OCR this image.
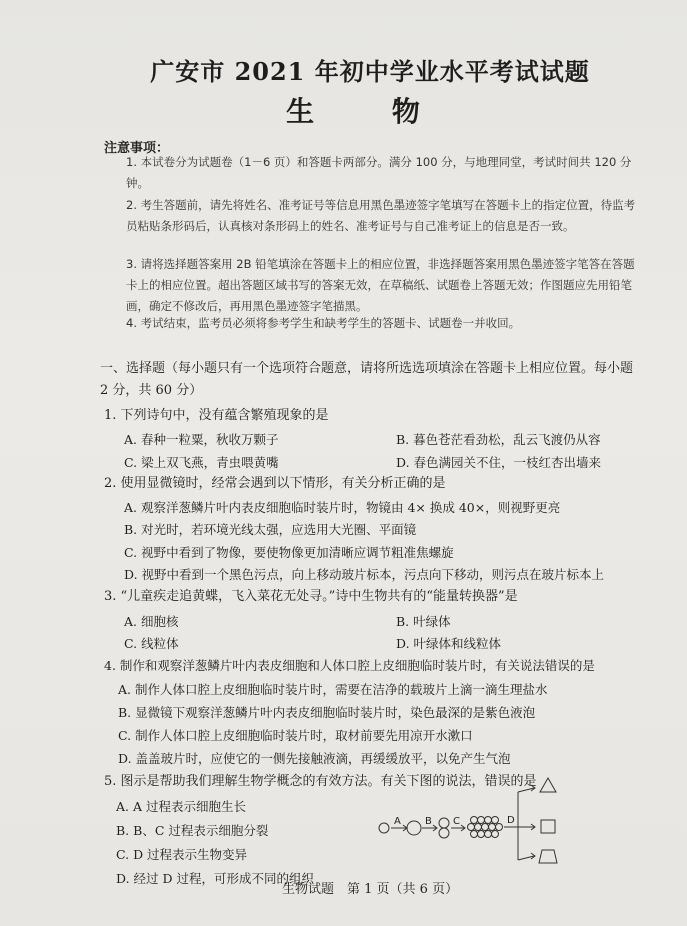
广安市 2021 年初中学业水平考试试题
生 物
注意事项：
1. 本试卷分为试题卷（1－6 页）和答题卡两部分。满分 100 分，与地理同堂，考试时间共 120 分钟。
2. 考生答题前，请先将姓名、准考证号等信息用黑色墨迹签字笔填写在答题卡上的指定位置，待监考员粘贴条形码后，认真核对条形码上的姓名、准考证号与自己准考证上的信息是否一致。
3. 请将选择题答案用 2B 铅笔填涂在答题卡上的相应位置，非选择题答案用黑色墨迹签字笔答在答题卡上的相应位置。超出答题区域书写的答案无效，在草稿纸、试题卷上答题无效；作图题应先用铅笔画，确定不修改后，再用黑色墨迹签字笔描黑。
4. 考试结束，监考员必须将参考学生和缺考学生的答题卡、试题卷一并收回。
一、选择题（每小题只有一个选项符合题意，请将所选选项填涂在答题卡上相应位置。每小题 2 分，共 60 分）
1. 下列诗句中，没有蕴含繁殖现象的是
A. 春种一粒粟，秋收万颗子	B. 暮色苍茫看劲松，乱云飞渡仍从容
C. 梁上双飞燕，青虫喂黄嘴	D. 春色满园关不住，一枝红杏出墙来
2. 使用显微镜时，经常会遇到以下情形，有关分析正确的是
A. 观察洋葱鳞片叶内表皮细胞临时装片时，物镜由 4× 换成 40×，则视野更亮
B. 对光时，若环境光线太强，应选用大光圈、平面镜
C. 视野中看到了物像，要使物像更加清晰应调节粗准焦螺旋
D. 视野中看到一个黑色污点，向上移动玻片标本，污点向下移动，则污点在玻片标本上
3. “儿童疾走追黄蝶，飞入菜花无处寻。”诗中生物共有的“能量转换器”是
A. 细胞核	B. 叶绿体
C. 线粒体	D. 叶绿体和线粒体
4. 制作和观察洋葱鳞片叶内表皮细胞和人体口腔上皮细胞临时装片时，有关说法错误的是
A. 制作人体口腔上皮细胞临时装片时，需要在洁净的载玻片上滴一滴生理盐水
B. 显微镜下观察洋葱鳞片叶内表皮细胞临时装片时，染色最深的是紫色液泡
C. 制作人体口腔上皮细胞临时装片时，取材前要先用凉开水漱口
D. 盖盖玻片时，应使它的一侧先接触液滴，再缓缓放平，以免产生气泡
5. 图示是帮助我们理解生物学概念的有效方法。有关下图的说法，错误的是
A. A 过程表示细胞生长
B. B、C 过程表示细胞分裂
C. D 过程表示生物变异
D. 经过 D 过程，可形成不同的组织
A B C	D
生物试题　第 1 页（共 6 页）
